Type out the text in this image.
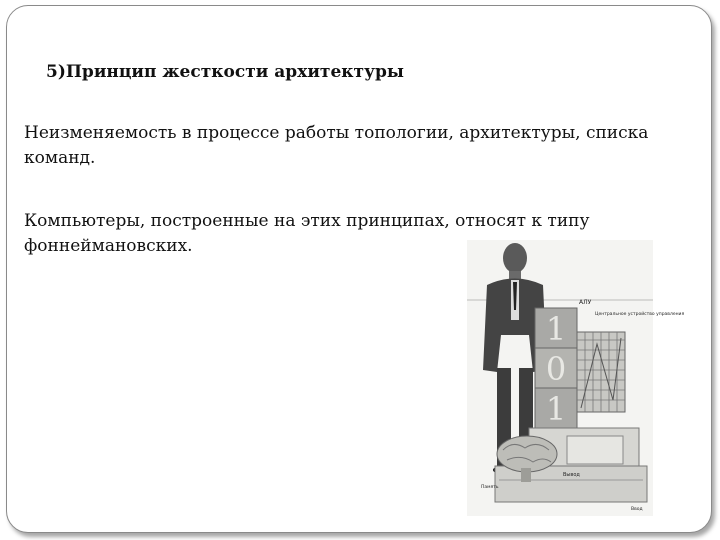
5)Принцип жесткости архитектуры

Неизменяемость в процессе работы топологии, архитектуры, списка команд.

Компьютеры, построенные на этих принципах, относят к типу фоннеймановских.

1
0
1
АЛУ
Центральное устройство управления
Вывод
Память
Ввод
